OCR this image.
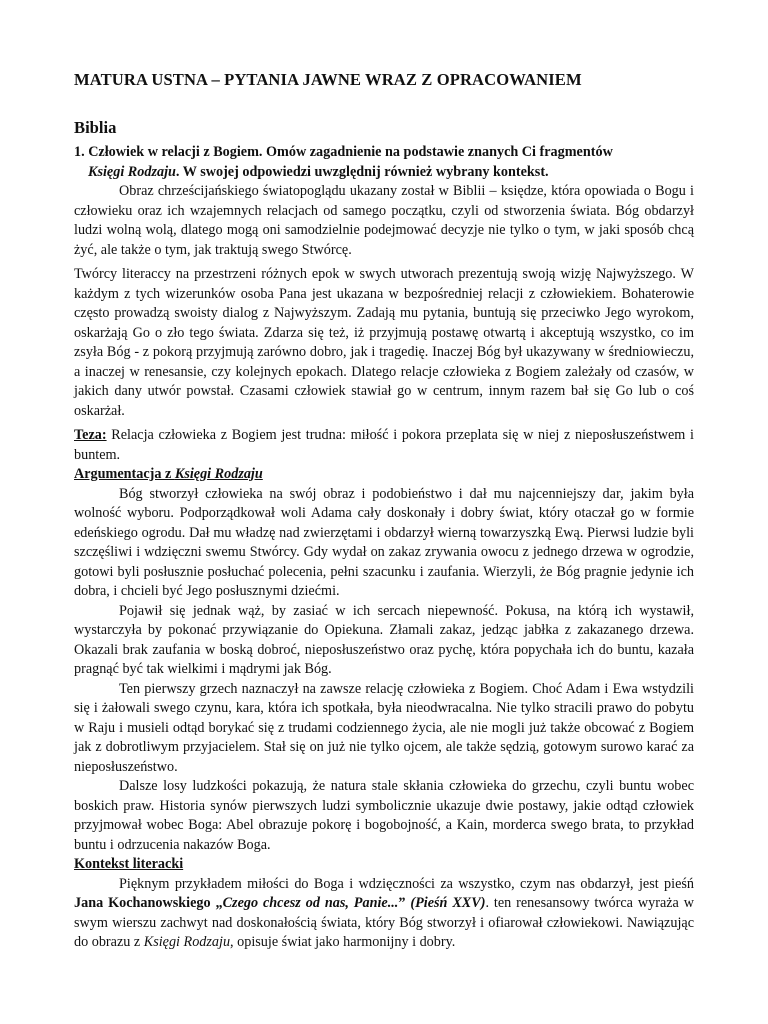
MATURA USTNA – PYTANIA JAWNE WRAZ Z OPRACOWANIEM
Biblia
1. Człowiek w relacji z Bogiem. Omów zagadnienie na podstawie znanych Ci fragmentów
Księgi Rodzaju. W swojej odpowiedzi uwzględnij również wybrany kontekst.

Obraz chrześcijańskiego światopoglądu ukazany został w Biblii – księdze, która opowiada o Bogu i człowieku oraz ich wzajemnych relacjach od samego początku, czyli od stworzenia świata. Bóg obdarzył ludzi wolną wolą, dlatego mogą oni samodzielnie podejmować decyzje nie tylko o tym, w jaki sposób chcą żyć, ale także o tym, jak traktują swego Stwórcę.

Twórcy literaccy na przestrzeni różnych epok w swych utworach prezentują swoją wizję Najwyższego. W każdym z tych wizerunków osoba Pana jest ukazana w bezpośredniej relacji z człowiekiem. Bohaterowie często prowadzą swoisty dialog z Najwyższym. Zadają mu pytania, buntują się przeciwko Jego wyrokom, oskarżają Go o zło tego świata. Zdarza się też, iż przyjmują postawę otwartą i akceptują wszystko, co im zsyła Bóg - z pokorą przyjmują zarówno dobro, jak i tragedię. Inaczej Bóg był ukazywany w średniowieczu, a inaczej w renesansie, czy kolejnych epokach. Dlatego relacje człowieka z Bogiem zależały od czasów, w jakich dany utwór powstał. Czasami człowiek stawiał go w centrum, innym razem bał się Go lub o coś oskarżał.

Teza: Relacja człowieka z Bogiem jest trudna: miłość i pokora przeplata się w niej z nieposłuszeństwem i buntem.

Argumentacja z Księgi Rodzaju

Bóg stworzył człowieka na swój obraz i podobieństwo i dał mu najcenniejszy dar, jakim była wolność wyboru. Podporządkował woli Adama cały doskonały i dobry świat, który otaczał go w formie edeńskiego ogrodu. Dał mu władzę nad zwierzętami i obdarzył wierną towarzyszką Ewą. Pierwsi ludzie byli szczęśliwi i wdzięczni swemu Stwórcy. Gdy wydał on zakaz zrywania owocu z jednego drzewa w ogrodzie, gotowi byli posłusznie posłuchać polecenia, pełni szacunku i zaufania. Wierzyli, że Bóg pragnie jedynie ich dobra, i chcieli być Jego posłusznymi dziećmi.

Pojawił się jednak wąż, by zasiać w ich sercach niepewność. Pokusa, na którą ich wystawił, wystarczyła by pokonać przywiązanie do Opiekuna. Złamali zakaz, jedząc jabłka z zakazanego drzewa. Okazali brak zaufania w boską dobroć, nieposłuszeństwo oraz pychę, która popychała ich do buntu, kazała pragnąć być tak wielkimi i mądrymi jak Bóg.

Ten pierwszy grzech naznaczył na zawsze relację człowieka z Bogiem. Choć Adam i Ewa wstydzili się i żałowali swego czynu, kara, która ich spotkała, była nieodwracalna. Nie tylko stracili prawo do pobytu w Raju i musieli odtąd borykać się z trudami codziennego życia, ale nie mogli już także obcować z Bogiem jak z dobrotliwym przyjacielem. Stał się on już nie tylko ojcem, ale także sędzią, gotowym surowo karać za nieposłuszeństwo.

Dalsze losy ludzkości pokazują, że natura stale skłania człowieka do grzechu, czyli buntu wobec boskich praw. Historia synów pierwszych ludzi symbolicznie ukazuje dwie postawy, jakie odtąd człowiek przyjmował wobec Boga: Abel obrazuje pokorę i bogobojność, a Kain, morderca swego brata, to przykład buntu i odrzucenia nakazów Boga.

Kontekst literacki

Pięknym przykładem miłości do Boga i wdzięczności za wszystko, czym nas obdarzył, jest pieśń Jana Kochanowskiego „Czego chcesz od nas, Panie...” (Pieśń XXV). ten renesansowy twórca wyraża w swym wierszu zachwyt nad doskonałością świata, który Bóg stworzył i ofiarował człowiekowi. Nawiązując do obrazu z Księgi Rodzaju, opisuje świat jako harmonijny i dobry.
